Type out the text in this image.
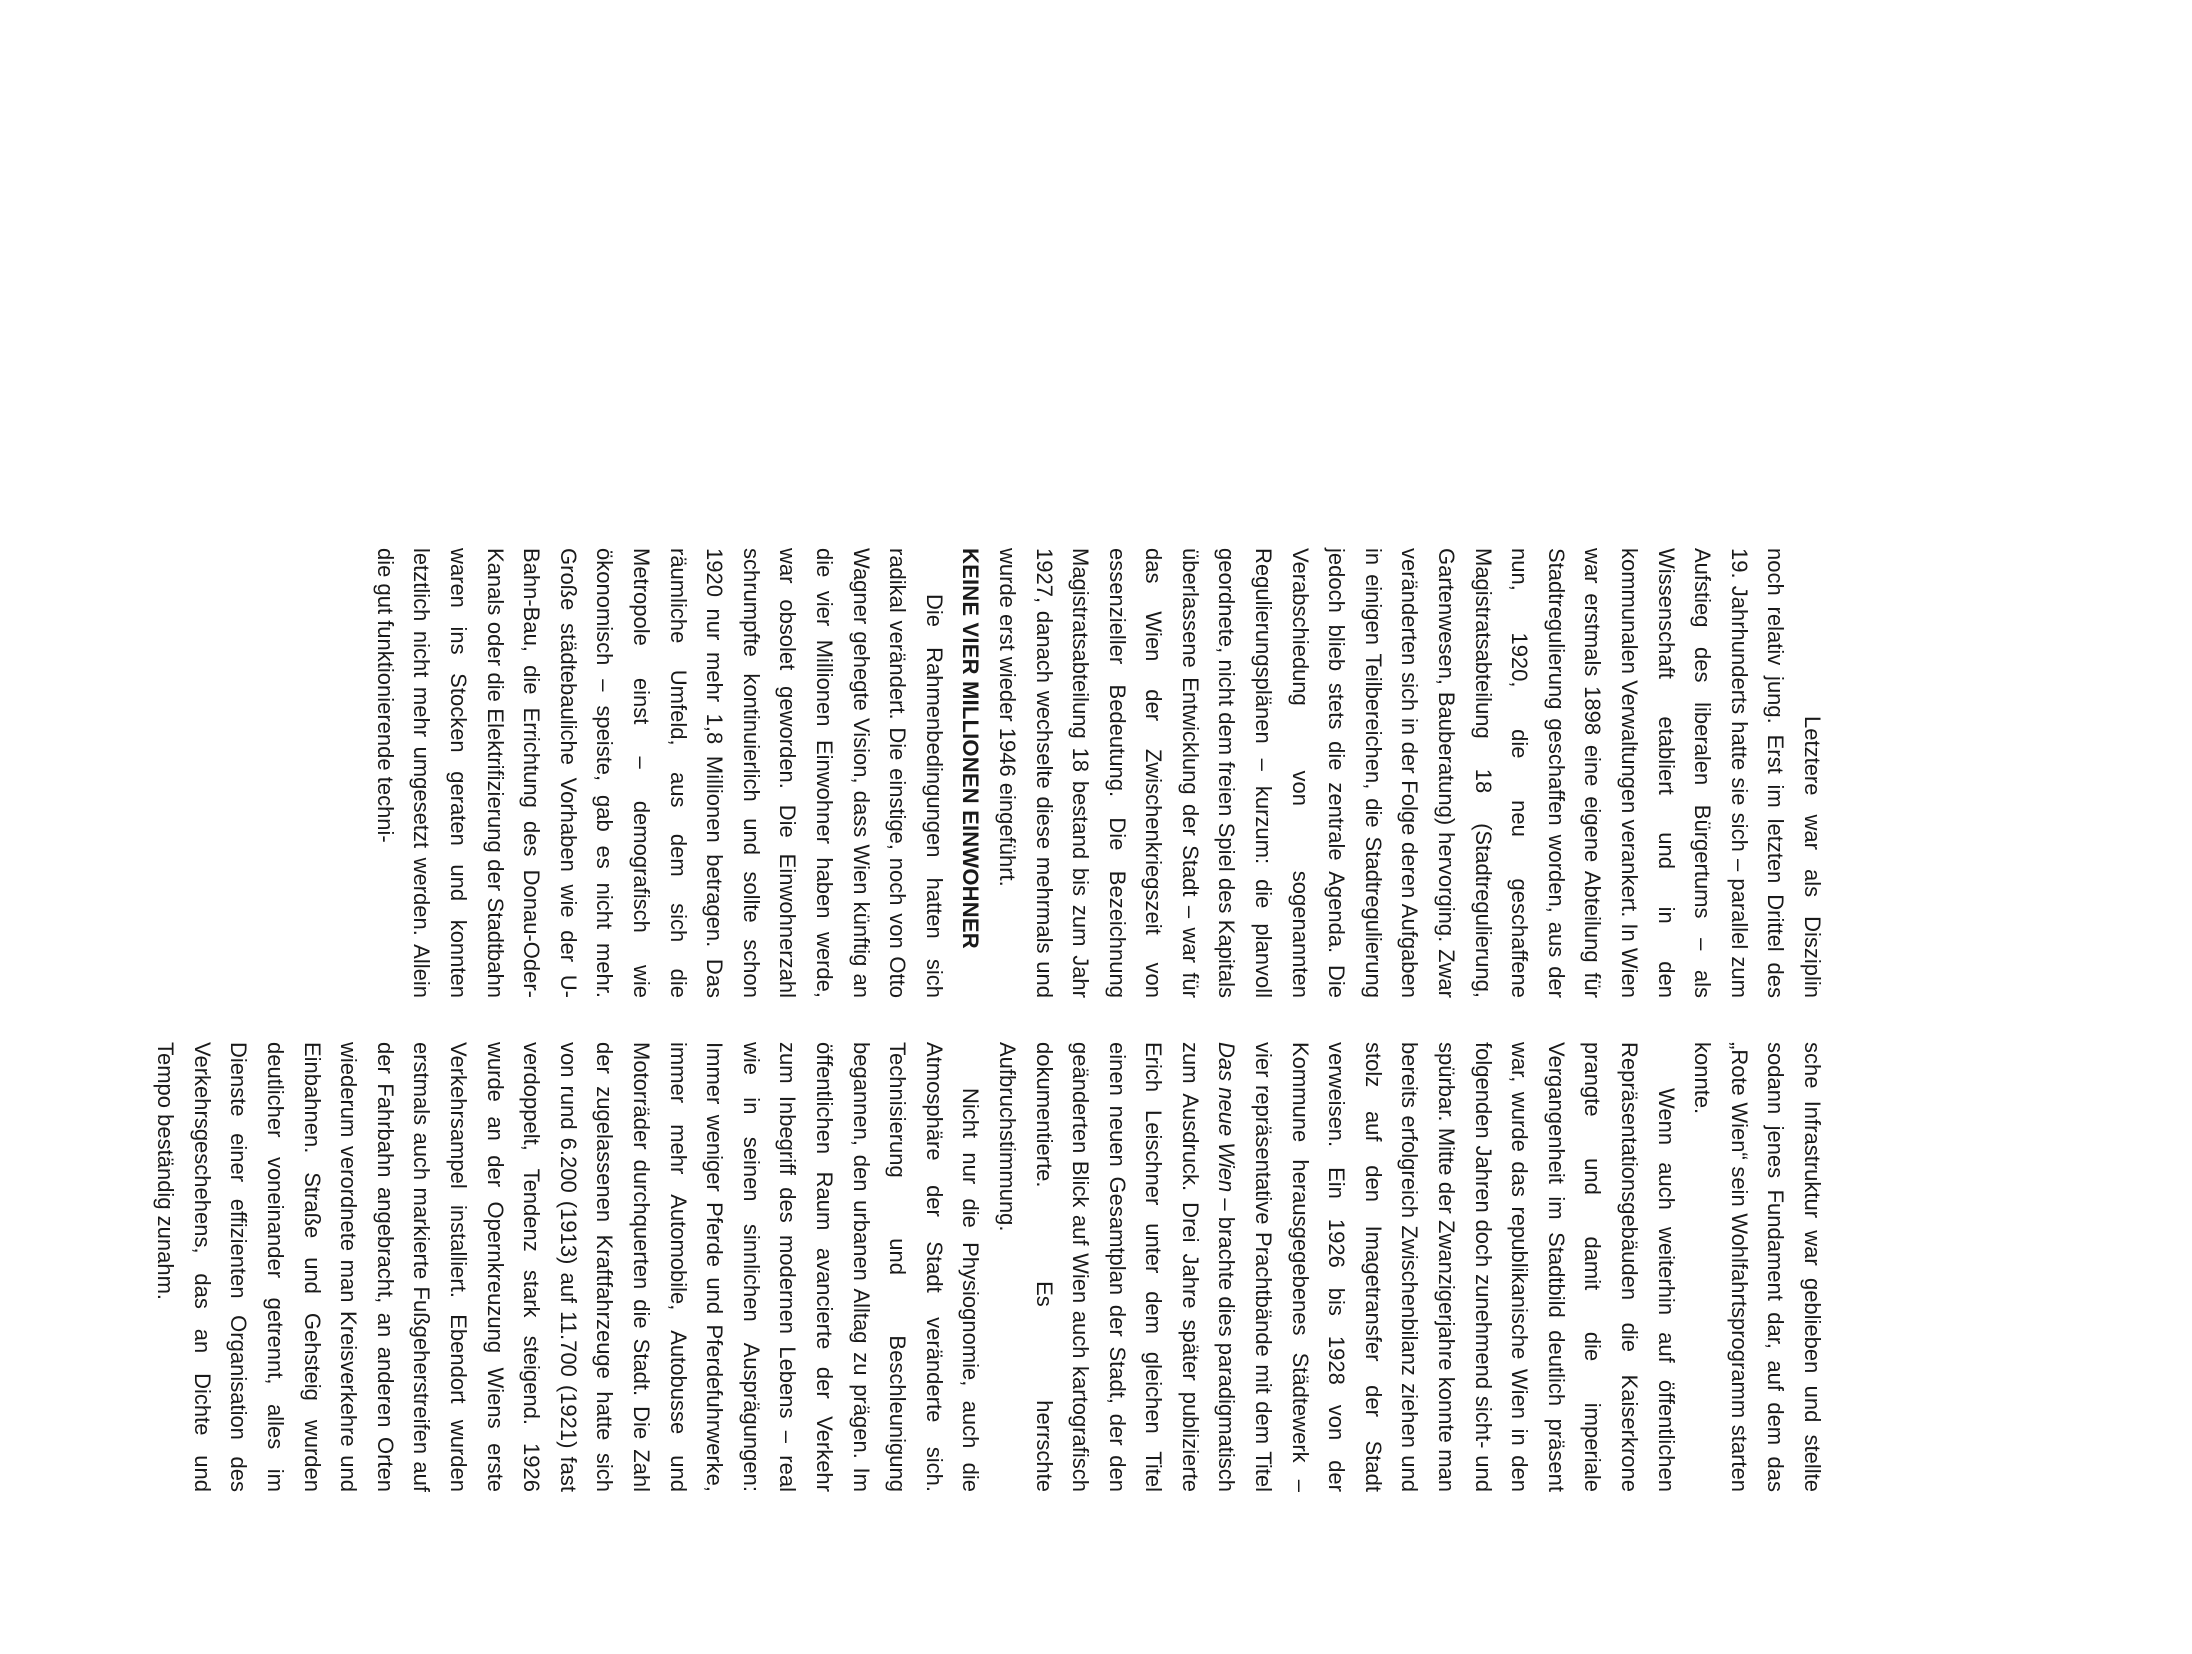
Letztere war als Disziplin noch relativ jung. Erst im letzten Drittel des 19. Jahrhunderts hatte sie sich – parallel zum Aufstieg des liberalen Bürgertums – als Wissenschaft etabliert und in den kommunalen Verwaltungen verankert. In Wien war erstmals 1898 eine eigene Abteilung für Stadtregulierung geschaffen worden, aus der nun, 1920, die neu geschaffene Magistratsabteilung 18 (Stadtregulierung, Gartenwesen, Bauberatung) hervorging. Zwar veränderten sich in der Folge deren Aufgaben in einigen Teilbereichen, die Stadtregulierung jedoch blieb stets die zentrale Agenda. Die Verabschiedung von sogenannten Regulierungsplänen – kurzum: die planvoll geordnete, nicht dem freien Spiel des Kapitals überlassene Entwicklung der Stadt – war für das Wien der Zwischenkriegszeit von essenzieller Bedeutung. Die Bezeichnung Magistratsabteilung 18 bestand bis zum Jahr 1927, danach wechselte diese mehrmals und wurde erst wieder 1946 eingeführt.

KEINE VIER MILLIONEN EINWOHNER

Die Rahmenbedingungen hatten sich radikal verändert. Die einstige, noch von Otto Wagner gehegte Vision, dass Wien künftig an die vier Millionen Einwohner haben werde, war obsolet geworden. Die Einwohnerzahl schrumpfte kontinuierlich und sollte schon 1920 nur mehr 1,8 Millionen betragen. Das räumliche Umfeld, aus dem sich die Metropole einst – demografisch wie ökonomisch – speiste, gab es nicht mehr. Große städtebauliche Vorhaben wie der U-Bahn-Bau, die Errichtung des Donau-Oder-Kanals oder die Elektrifizierung der Stadtbahn waren ins Stocken geraten und konnten letztlich nicht mehr umgesetzt werden. Allein die gut funktionierende techni-

sche Infrastruktur war geblieben und stellte sodann jenes Fundament dar, auf dem das „Rote Wien“ sein Wohlfahrtsprogramm starten konnte.

Wenn auch weiterhin auf öffentlichen Repräsentationsgebäuden die Kaiserkrone prangte und damit die imperiale Vergangenheit im Stadtbild deutlich präsent war, wurde das republikanische Wien in den folgenden Jahren doch zunehmend sicht- und spürbar. Mitte der Zwanzigerjahre konnte man bereits erfolgreich Zwischenbilanz ziehen und stolz auf den Imagetransfer der Stadt verweisen. Ein 1926 bis 1928 von der Kommune herausgegebenes Städtewerk – vier repräsentative Prachtbände mit dem Titel Das neue Wien – brachte dies paradigmatisch zum Ausdruck. Drei Jahre später publizierte Erich Leischner unter dem gleichen Titel einen neuen Gesamtplan der Stadt, der den geänderten Blick auf Wien auch kartografisch dokumentierte. Es herrschte Aufbruchstimmung.

Nicht nur die Physiognomie, auch die Atmosphäre der Stadt veränderte sich. Technisierung und Beschleunigung begannen, den urbanen Alltag zu prägen. Im öffentlichen Raum avancierte der Verkehr zum Inbegriff des modernen Lebens – real wie in seinen sinnlichen Ausprägungen: Immer weniger Pferde und Pferdefuhrwerke, immer mehr Automobile, Autobusse und Motorräder durchquerten die Stadt. Die Zahl der zugelassenen Kraftfahrzeuge hatte sich von rund 6.200 (1913) auf 11.700 (1921) fast verdoppelt, Tendenz stark steigend. 1926 wurde an der Opernkreuzung Wiens erste Verkehrsampel installiert. Ebendort wurden erstmals auch markierte Fußgeherstreifen auf der Fahrbahn angebracht, an anderen Orten wiederum verordnete man Kreisverkehre und Einbahnen. Straße und Gehsteig wurden deutlicher voneinander getrennt, alles im Dienste einer effizienten Organisation des Verkehrsgeschehens, das an Dichte und Tempo beständig zunahm.
